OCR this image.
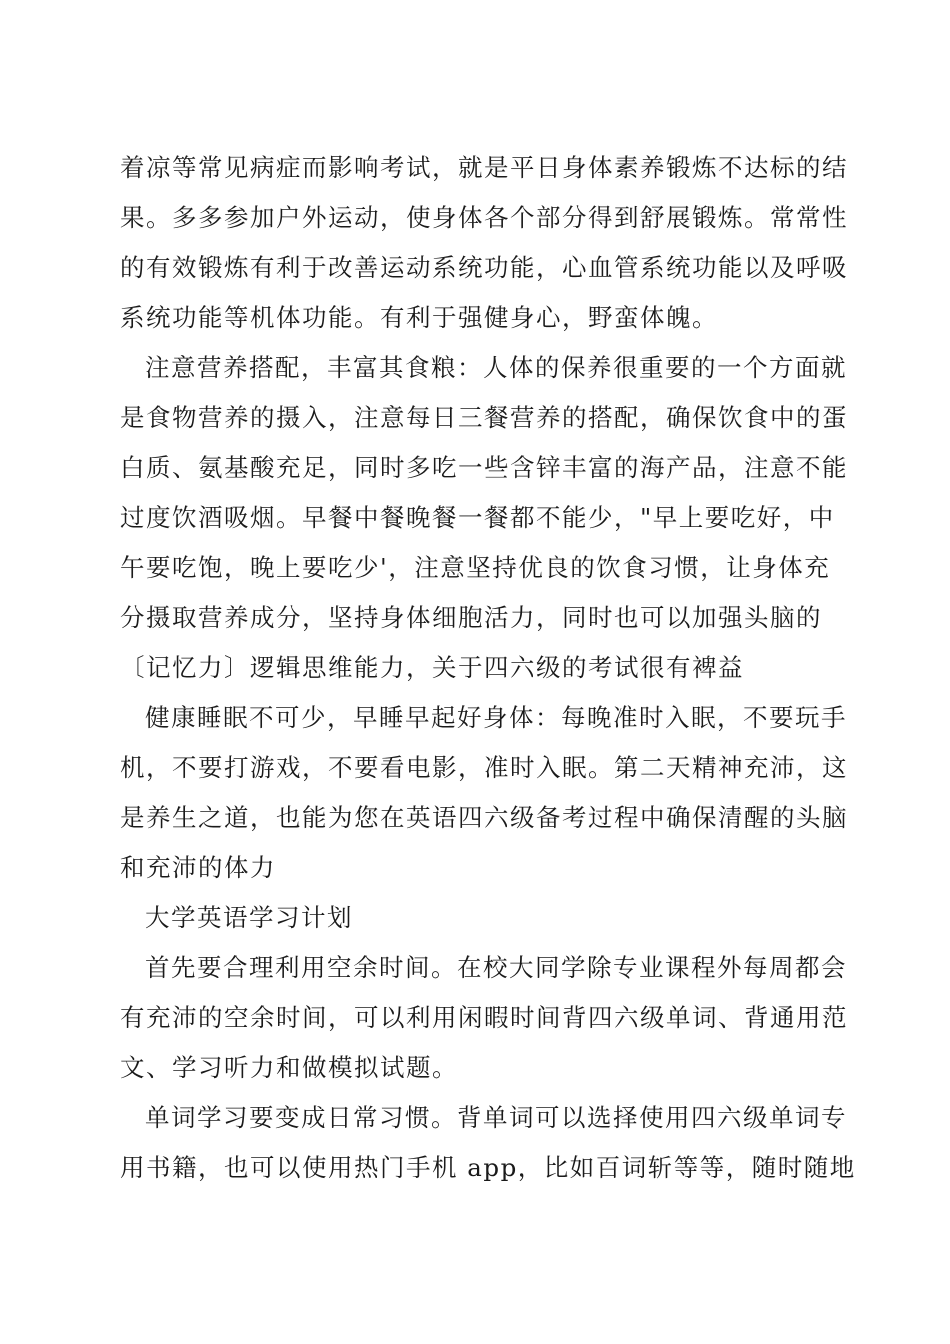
着凉等常见病症而影响考试，就是平日身体素养锻炼不达标的结
果。多多参加户外运动，使身体各个部分得到舒展锻炼。常常性
的有效锻炼有利于改善运动系统功能，心血管系统功能以及呼吸
系统功能等机体功能。有利于强健身心，野蛮体魄。
注意营养搭配，丰富其食粮：人体的保养很重要的一个方面就
是食物营养的摄入，注意每日三餐营养的搭配，确保饮食中的蛋
白质、氨基酸充足，同时多吃一些含锌丰富的海产品，注意不能
过度饮酒吸烟。早餐中餐晚餐一餐都不能少，"早上要吃好，中
午要吃饱，晚上要吃少'，注意坚持优良的饮食习惯，让身体充
分摄取营养成分，坚持身体细胞活力，同时也可以加强头脑的
〔记忆力〕逻辑思维能力，关于四六级的考试很有裨益
健康睡眠不可少，早睡早起好身体：每晚准时入眠，不要玩手
机，不要打游戏，不要看电影，准时入眠。第二天精神充沛，这
是养生之道，也能为您在英语四六级备考过程中确保清醒的头脑
和充沛的体力
大学英语学习计划
首先要合理利用空余时间。在校大同学除专业课程外每周都会
有充沛的空余时间，可以利用闲暇时间背四六级单词、背通用范
文、学习听力和做模拟试题。
单词学习要变成日常习惯。背单词可以选择使用四六级单词专
用书籍，也可以使用热门手机 app，比如百词斩等等，随时随地
